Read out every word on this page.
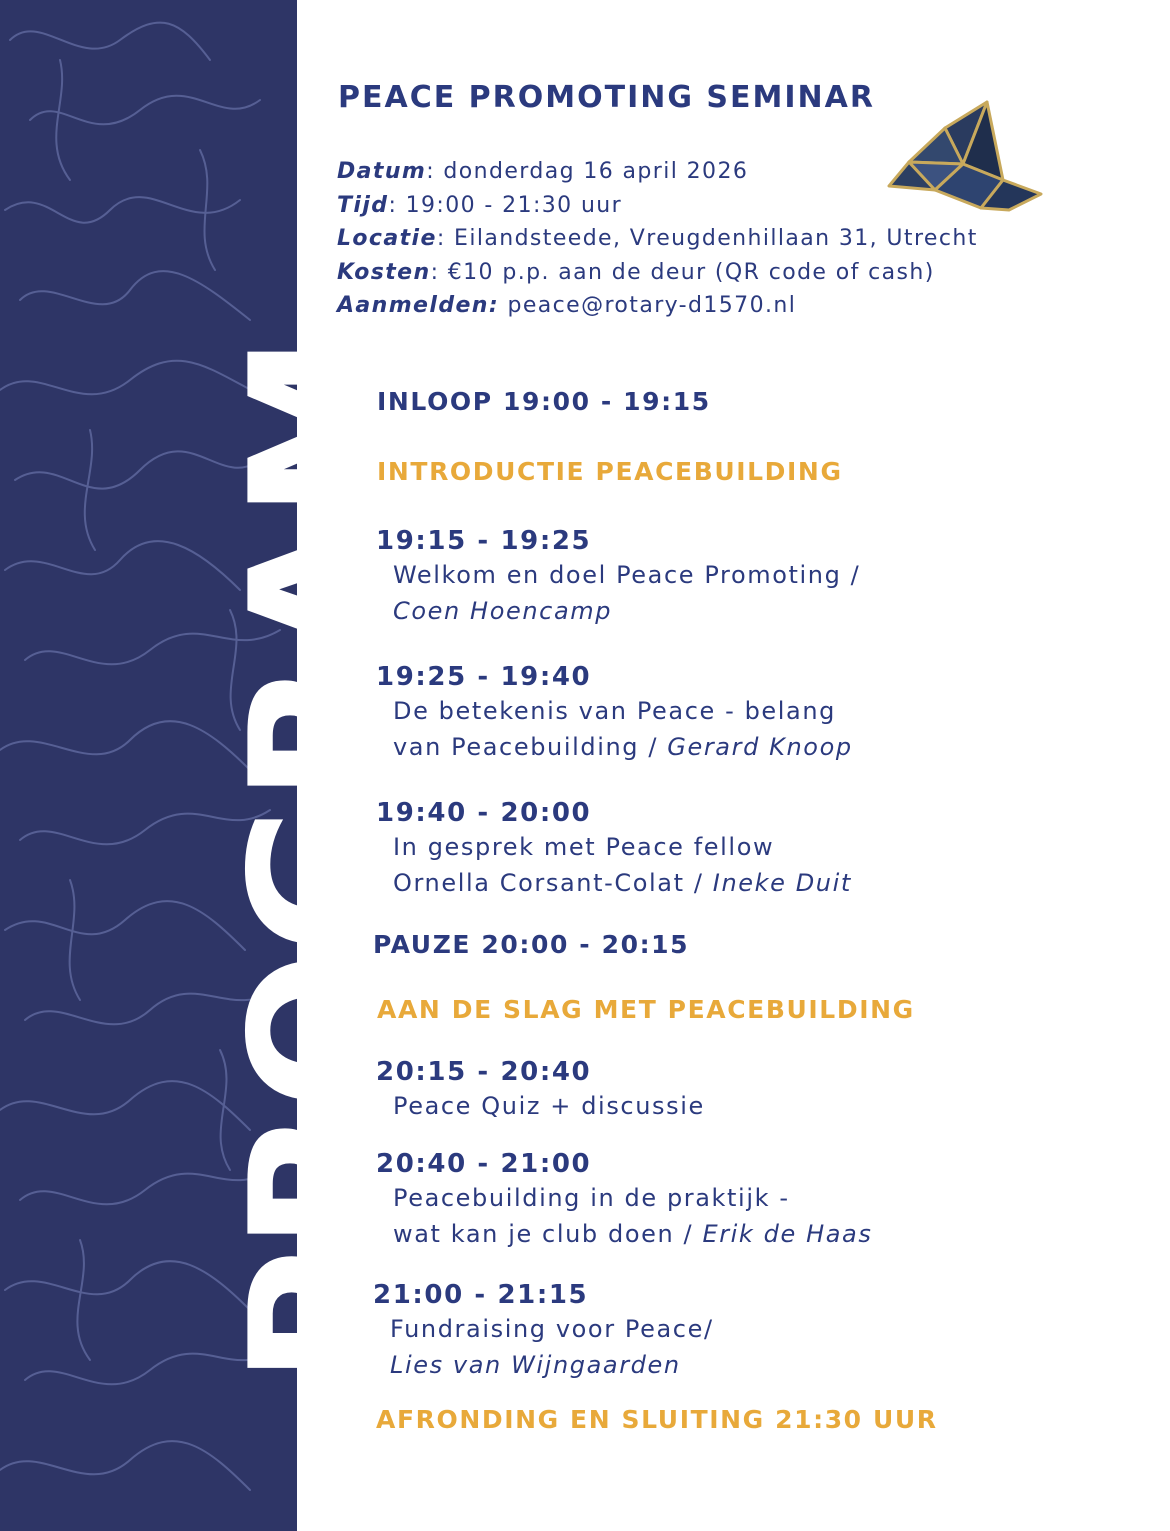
PROGRAM
PEACE PROMOTING SEMINAR
Datum: donderdag 16 april 2026
Tijd: 19:00 - 21:30 uur
Locatie: Eilandsteede, Vreugdenhillaan 31, Utrecht
Kosten: €10 p.p. aan de deur (QR code of cash)
Aanmelden: peace@rotary-d1570.nl
INLOOP 19:00 - 19:15
INTRODUCTIE PEACEBUILDING
19:15 - 19:25
Welkom en doel Peace Promoting /
Coen Hoencamp
19:25 - 19:40
De betekenis van Peace - belang
van Peacebuilding / Gerard Knoop
19:40 - 20:00
In gesprek met Peace fellow
Ornella Corsant-Colat / Ineke Duit
PAUZE 20:00 - 20:15
AAN DE SLAG MET PEACEBUILDING
20:15 - 20:40
Peace Quiz + discussie
20:40 - 21:00
Peacebuilding in de praktijk -
wat kan je club doen / Erik de Haas
21:00 - 21:15
Fundraising voor Peace/
Lies van Wijngaarden
AFRONDING EN SLUITING 21:30 UUR
